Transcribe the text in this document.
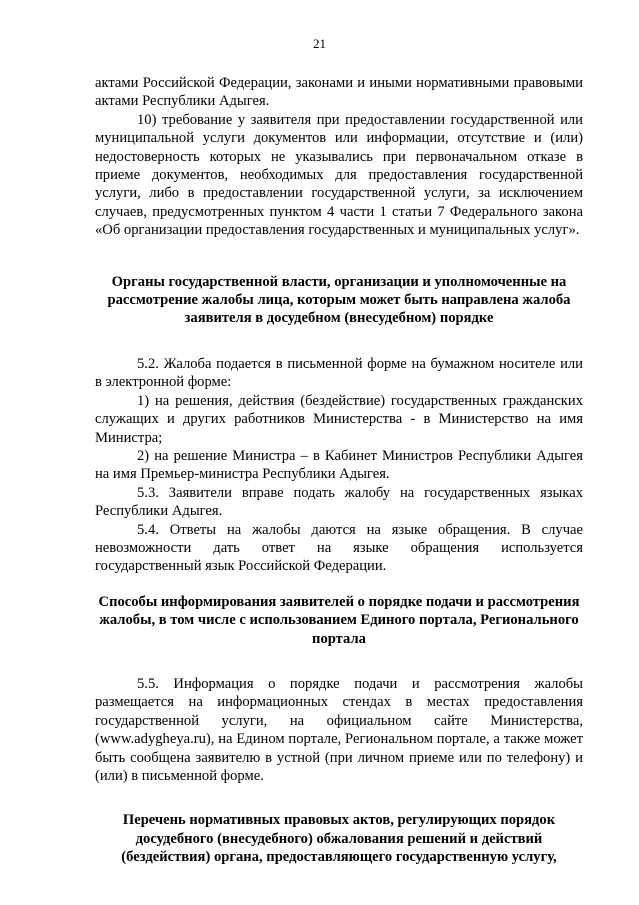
21

актами Российской Федерации, законами и иными нормативными правовыми актами Республики Адыгея.

10) требование у заявителя при предоставлении государственной или муниципальной услуги документов или информации, отсутствие и (или) недостоверность которых не указывались при первоначальном отказе в приеме документов, необходимых для предоставления государственной услуги, либо в предоставлении государственной услуги, за исключением случаев, предусмотренных пунктом 4 части 1 статьи 7 Федерального закона «Об организации предоставления государственных и муниципальных услуг».

Органы государственной власти, организации и уполномоченные на рассмотрение жалобы лица, которым может быть направлена жалоба заявителя в досудебном (внесудебном) порядке

5.2. Жалоба подается в письменной форме на бумажном носителе или в электронной форме:

1) на решения, действия (бездействие) государственных гражданских служащих и других работников Министерства - в Министерство на имя Министра;

2) на решение Министра – в Кабинет Министров Республики Адыгея на имя Премьер-министра Республики Адыгея.

5.3. Заявители вправе подать жалобу на государственных языках Республики Адыгея.

5.4. Ответы на жалобы даются на языке обращения. В случае невозможности дать ответ на языке обращения используется государственный язык Российской Федерации.

Способы информирования заявителей о порядке подачи и рассмотрения жалобы, в том числе с использованием Единого портала, Регионального портала

5.5. Информация о порядке подачи и рассмотрения жалобы размещается на информационных стендах в местах предоставления государственной услуги, на официальном сайте Министерства, (www.adygheya.ru), на Едином портале, Региональном портале, а также может быть сообщена заявителю в устной (при личном приеме или по телефону) и (или) в письменной форме.

Перечень нормативных правовых актов, регулирующих порядок досудебного (внесудебного) обжалования решений и действий (бездействия) органа, предоставляющего государственную услугу,
